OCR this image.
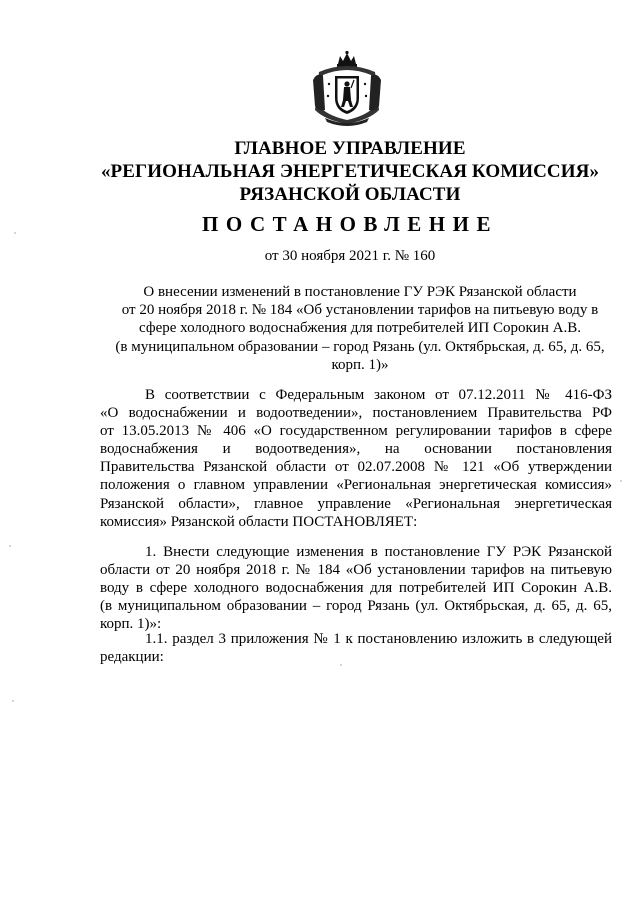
ГЛАВНОЕ УПРАВЛЕНИЕ
«РЕГИОНАЛЬНАЯ ЭНЕРГЕТИЧЕСКАЯ КОМИССИЯ»
РЯЗАНСКОЙ ОБЛАСТИ
ПОСТАНОВЛЕНИЕ
от 30 ноября 2021 г. № 160
О внесении изменений в постановление ГУ РЭК Рязанской области
от 20 ноября 2018 г. № 184 «Об установлении тарифов на питьевую воду в
сфере холодного водоснабжения для потребителей ИП Сорокин А.В.
(в муниципальном образовании – город Рязань (ул. Октябрьская, д. 65, д. 65,
корп. 1)»
В соответствии с Федеральным законом от 07.12.2011 № 416-ФЗ
«О водоснабжении и водоотведении», постановлением Правительства РФ
от 13.05.2013 № 406 «О государственном регулировании тарифов в сфере
водоснабжения и водоотведения», на основании постановления
Правительства Рязанской области от 02.07.2008 № 121 «Об утверждении
положения о главном управлении «Региональная энергетическая комиссия»
Рязанской области», главное управление «Региональная энергетическая
комиссия» Рязанской области ПОСТАНОВЛЯЕТ:
1. Внести следующие изменения в постановление ГУ РЭК Рязанской
области от 20 ноября 2018 г. № 184 «Об установлении тарифов на питьевую
воду в сфере холодного водоснабжения для потребителей ИП Сорокин А.В.
(в муниципальном образовании – город Рязань (ул. Октябрьская, д. 65, д. 65,
корп. 1)»:
1.1. раздел 3 приложения № 1 к постановлению изложить в следующей
редакции:
